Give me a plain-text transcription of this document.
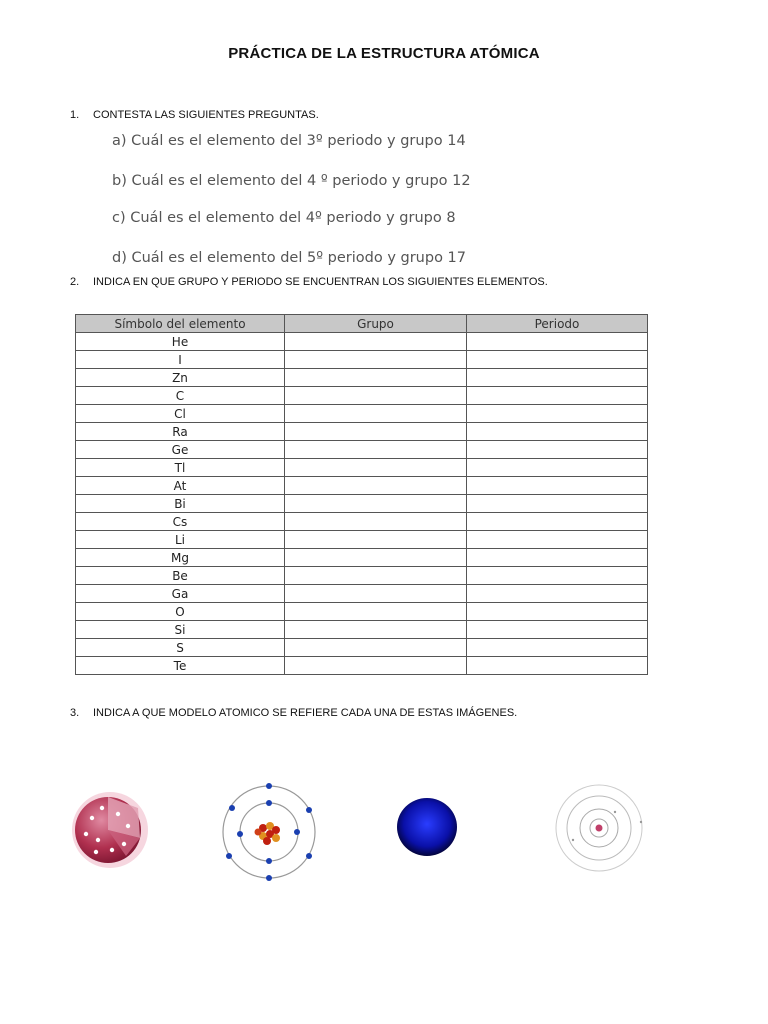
PRÁCTICA DE LA ESTRUCTURA ATÓMICA
1. CONTESTA LAS SIGUIENTES PREGUNTAS.
a) Cuál es el elemento del 3º periodo y grupo 14
b) Cuál es el elemento del 4 º periodo y grupo 12
c) Cuál es el elemento del 4º periodo y grupo 8
d) Cuál es el elemento del 5º periodo y grupo 17
2. INDICA EN QUE GRUPO Y PERIODO SE ENCUENTRAN LOS SIGUIENTES ELEMENTOS.
Símbolo del elemento	Grupo	Periodo
He		
I		
Zn		
C		
Cl		
Ra		
Ge		
Tl		
At		
Bi		
Cs		
Li		
Mg		
Be		
Ga		
O		
Si		
S		
Te		
3. INDICA A QUE MODELO ATOMICO SE REFIERE CADA UNA DE ESTAS IMÁGENES.
